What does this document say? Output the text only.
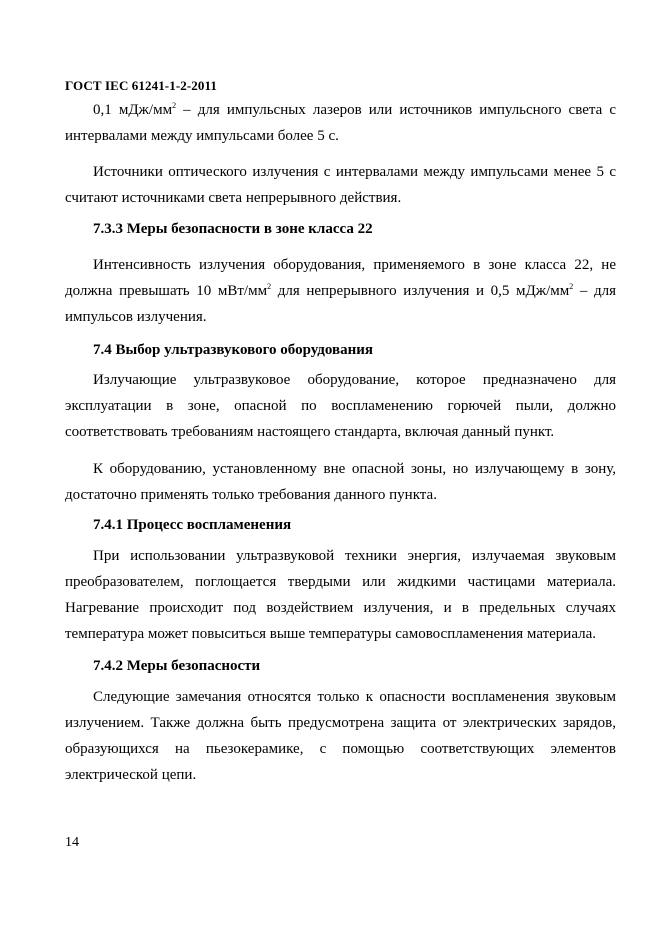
ГОСТ IEC 61241-1-2-2011
0,1 мДж/$мм^2$ – для импульсных лазеров или источников импульсного света с интервалами между импульсами более 5 с.
Источники оптического излучения с интервалами между импульсами менее 5 с считают источниками света непрерывного действия.
7.3.3 Меры безопасности в зоне класса 22
Интенсивность излучения оборудования, применяемого в зоне класса 22, не должна превышать 10 мВт/$мм^2$ для непрерывного излучения и 0,5 мДж/$мм^2$ – для импульсов излучения.
7.4 Выбор ультразвукового оборудования
Излучающие ультразвуковое оборудование, которое предназначено для эксплуатации в зоне, опасной по воспламенению горючей пыли, должно соответствовать требованиям настоящего стандарта, включая данный пункт.
К оборудованию, установленному вне опасной зоны, но излучающему в зону, достаточно применять только требования данного пункта.
7.4.1 Процесс воспламенения
При использовании ультразвуковой техники энергия, излучаемая звуковым преобразователем, поглощается твердыми или жидкими частицами материала. Нагревание происходит под воздействием излучения, и в предельных случаях температура может повыситься выше температуры самовоспламенения материала.
7.4.2 Меры безопасности
Следующие замечания относятся только к опасности воспламенения звуковым излучением. Также должна быть предусмотрена защита от электрических зарядов, образующихся на пьезокерамике, с помощью соответствующих элементов электрической цепи.
14
